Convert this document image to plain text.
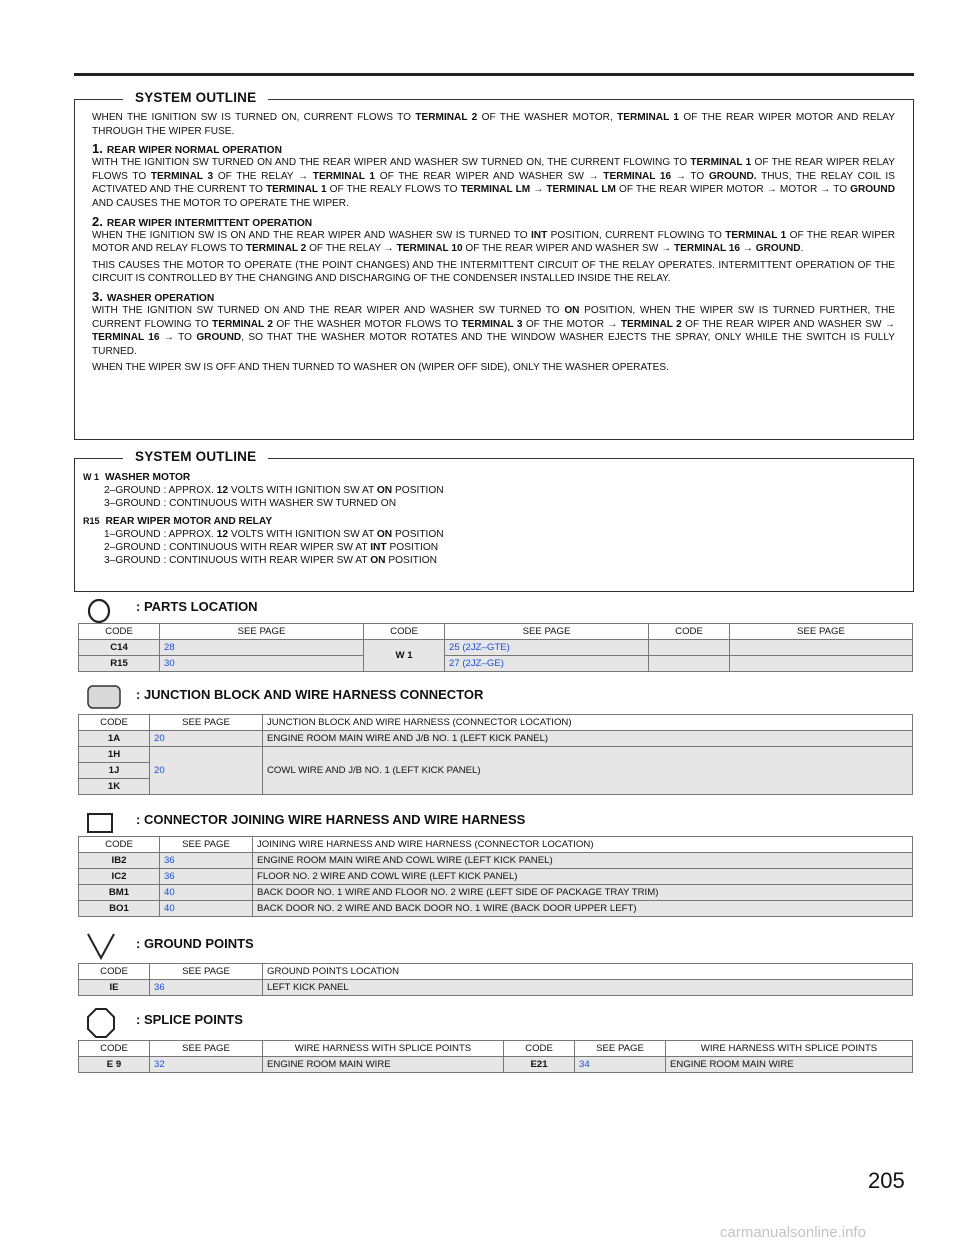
SYSTEM OUTLINE
WHEN THE IGNITION SW IS TURNED ON, CURRENT FLOWS TO TERMINAL 2 OF THE WASHER MOTOR, TERMINAL 1 OF THE REAR WIPER MOTOR AND RELAY THROUGH THE WIPER FUSE.
1. REAR WIPER NORMAL OPERATION
WITH THE IGNITION SW TURNED ON AND THE REAR WIPER AND WASHER SW TURNED ON, THE CURRENT FLOWING TO TERMINAL 1 OF THE REAR WIPER RELAY FLOWS TO TERMINAL 3 OF THE RELAY → TERMINAL 1 OF THE REAR WIPER AND WASHER SW → TERMINAL 16 → TO GROUND. THUS, THE RELAY COIL IS ACTIVATED AND THE CURRENT TO TERMINAL 1 OF THE REALY FLOWS TO TERMINAL LM → TERMINAL LM OF THE REAR WIPER MOTOR → MOTOR → TO GROUND AND CAUSES THE MOTOR TO OPERATE THE WIPER.
2. REAR WIPER INTERMITTENT OPERATION
WHEN THE IGNITION SW IS ON AND THE REAR WIPER AND WASHER SW IS TURNED TO INT POSITION, CURRENT FLOWING TO TERMINAL 1 OF THE REAR WIPER MOTOR AND RELAY FLOWS TO TERMINAL 2 OF THE RELAY → TERMINAL 10 OF THE REAR WIPER AND WASHER SW → TERMINAL 16 → GROUND.
THIS CAUSES THE MOTOR TO OPERATE (THE POINT CHANGES) AND THE INTERMITTENT CIRCUIT OF THE RELAY OPERATES. INTERMITTENT OPERATION OF THE CIRCUIT IS CONTROLLED BY THE CHANGING AND DISCHARGING OF THE CONDENSER INSTALLED INSIDE THE RELAY.
3. WASHER OPERATION
WITH THE IGNITION SW TURNED ON AND THE REAR WIPER AND WASHER SW TURNED TO ON POSITION, WHEN THE WIPER SW IS TURNED FURTHER, THE CURRENT FLOWING TO TERMINAL 2 OF THE WASHER MOTOR FLOWS TO TERMINAL 3 OF THE MOTOR → TERMINAL 2 OF THE REAR WIPER AND WASHER SW → TERMINAL 16 → TO GROUND, SO THAT THE WASHER MOTOR ROTATES AND THE WINDOW WASHER EJECTS THE SPRAY, ONLY WHILE THE SWITCH IS FULLY TURNED.
WHEN THE WIPER SW IS OFF AND THEN TURNED TO WASHER ON (WIPER OFF SIDE), ONLY THE WASHER OPERATES.
SYSTEM OUTLINE
W 1 WASHER MOTOR
2–GROUND : APPROX. 12 VOLTS WITH IGNITION SW AT ON POSITION
3–GROUND : CONTINUOUS WITH WASHER SW TURNED ON
R15 REAR WIPER MOTOR AND RELAY
1–GROUND : APPROX. 12 VOLTS WITH IGNITION SW AT ON POSITION
2–GROUND : CONTINUOUS WITH REAR WIPER SW AT INT POSITION
3–GROUND : CONTINUOUS WITH REAR WIPER SW AT ON POSITION
: PARTS LOCATION
CODE	SEE PAGE	CODE	SEE PAGE	CODE	SEE PAGE
C14	28	W 1	25 (2JZ–GTE)		
R15	30		27 (2JZ–GE)		
: JUNCTION BLOCK AND WIRE HARNESS CONNECTOR
CODE	SEE PAGE	JUNCTION BLOCK AND WIRE HARNESS (CONNECTOR LOCATION)
1A	20	ENGINE ROOM MAIN WIRE AND J/B NO. 1 (LEFT KICK PANEL)
1H	20	COWL WIRE AND J/B NO. 1 (LEFT KICK PANEL)
1J		
1K		
: CONNECTOR JOINING WIRE HARNESS AND WIRE HARNESS
CODE	SEE PAGE	JOINING WIRE HARNESS AND WIRE HARNESS (CONNECTOR LOCATION)
IB2	36	ENGINE ROOM MAIN WIRE AND COWL WIRE (LEFT KICK PANEL)
IC2	36	FLOOR NO. 2 WIRE AND COWL WIRE (LEFT KICK PANEL)
BM1	40	BACK DOOR NO. 1 WIRE AND FLOOR NO. 2 WIRE (LEFT SIDE OF PACKAGE TRAY TRIM)
BO1	40	BACK DOOR NO. 2 WIRE AND BACK DOOR NO. 1 WIRE (BACK DOOR UPPER LEFT)
: GROUND POINTS
CODE	SEE PAGE	GROUND POINTS LOCATION
IE	36	LEFT KICK PANEL
: SPLICE POINTS
CODE	SEE PAGE	WIRE HARNESS WITH SPLICE POINTS	CODE	SEE PAGE	WIRE HARNESS WITH SPLICE POINTS
E 9	32	ENGINE ROOM MAIN WIRE	E21	34	ENGINE ROOM MAIN WIRE
205
carmanualsonline.info
